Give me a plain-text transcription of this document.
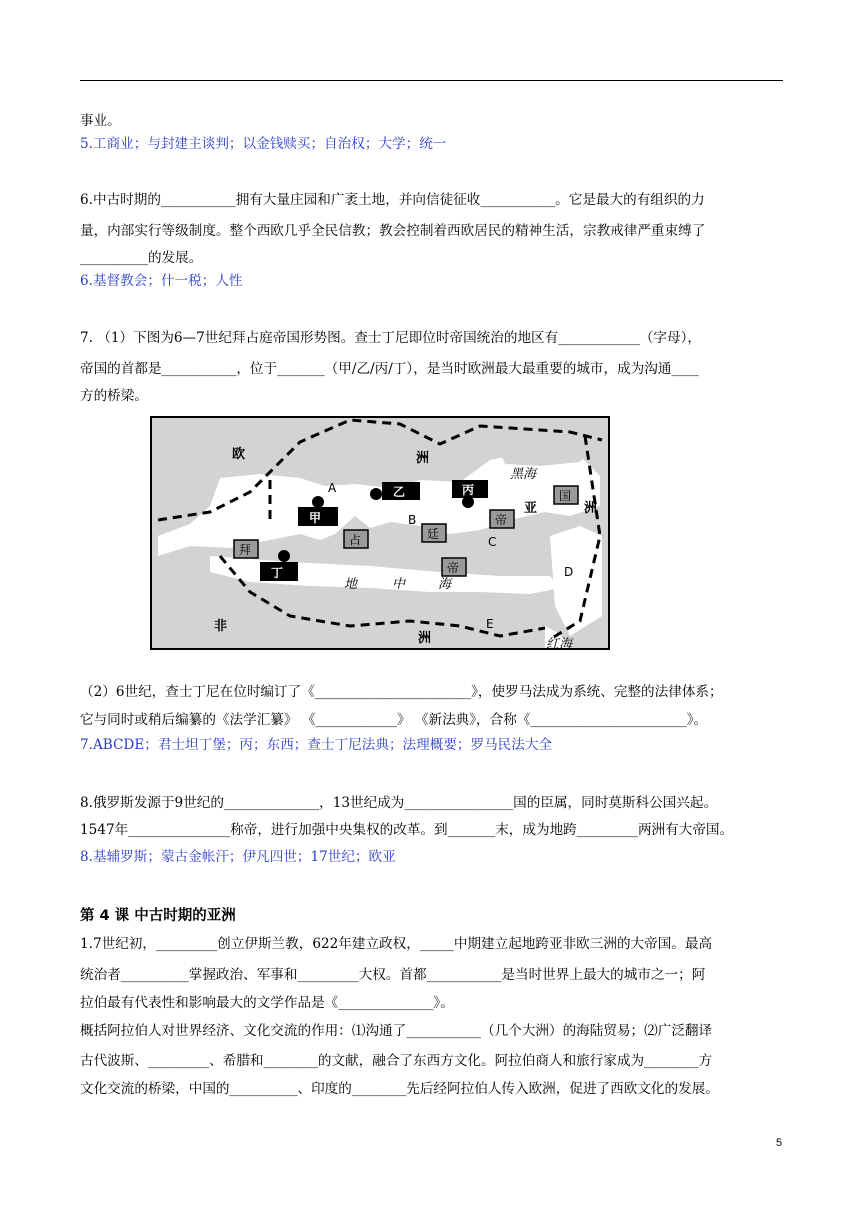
事业。
5.工商业；与封建主谈判；以金钱赎买；自治权；大学；统一
6.中古时期的___________拥有大量庄园和广袤土地，并向信徒征收___________。它是最大的有组织的力
量，内部实行等级制度。整个西欧几乎全民信教；教会控制着西欧居民的精神生活，宗教戒律严重束缚了
__________的发展。
6.基督教会；什一税；人性
7. （1）下图为6—7世纪拜占庭帝国形势图。查士丁尼即位时帝国统治的地区有____________（字母），
帝国的首都是___________，位于_______（甲/乙/丙/丁），是当时欧洲最大最重要的城市，成为沟通____
方的桥梁。
欧	洲
亚	洲
非
洲
黑海
红海
地	中	海
甲
乙	丙
丁
拜
占	廷
帝
帝
国
A
B
C
D
E
（2）6世纪，查士丁尼在位时编订了《_______________________》，使罗马法成为系统、完整的法律体系；
它与同时或稍后编纂的《法学汇纂》 《____________》 《新法典》，合称《_______________________》。
7.ABCDE；君士坦丁堡；丙；东西；查士丁尼法典；法理概要；罗马民法大全
8.俄罗斯发源于9世纪的______________，13世纪成为________________国的臣属，同时莫斯科公国兴起。
1547年_______________称帝，进行加强中央集权的改革。到_______末，成为地跨_________两洲有大帝国。
8.基辅罗斯；蒙古金帐汗；伊凡四世；17世纪；欧亚
第 4 课 中古时期的亚洲
1.7世纪初，_________创立伊斯兰教，622年建立政权，_____中期建立起地跨亚非欧三洲的大帝国。最高
统治者__________掌握政治、军事和_________大权。首都___________是当时世界上最大的城市之一；阿
拉伯最有代表性和影响最大的文学作品是《______________》。
概括阿拉伯人对世界经济、文化交流的作用：⑴沟通了___________（几个大洲）的海陆贸易；⑵广泛翻译
古代波斯、_________、希腊和________的文献，融合了东西方文化。阿拉伯商人和旅行家成为________方
文化交流的桥梁，中国的__________、印度的________先后经阿拉伯人传入欧洲，促进了西欧文化的发展。
5
